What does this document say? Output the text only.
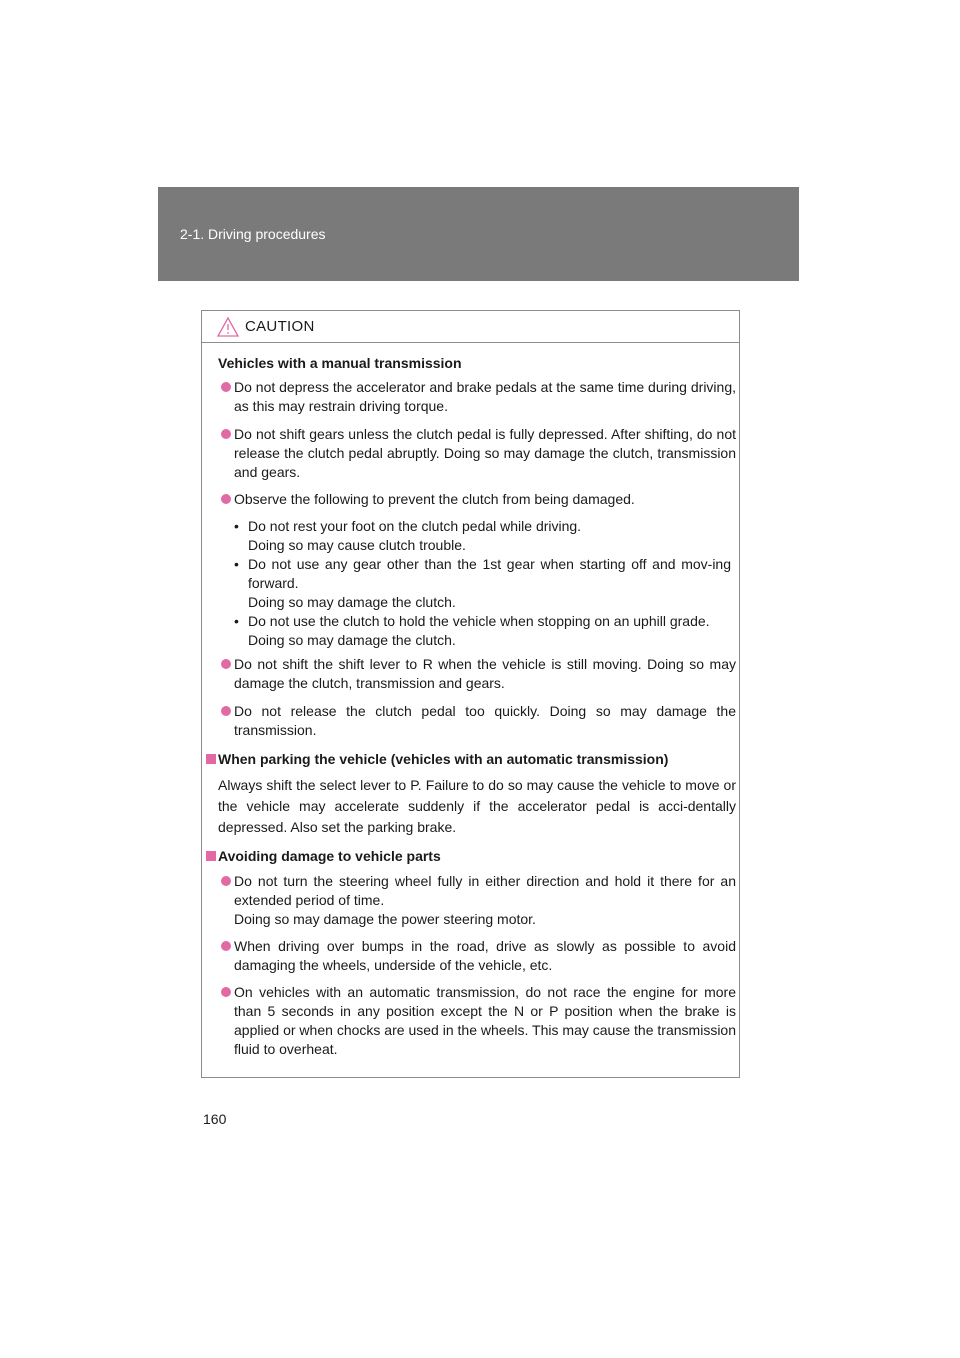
2-1. Driving procedures
CAUTION
Vehicles with a manual transmission
Do not depress the accelerator and brake pedals at the same time during driving, as this may restrain driving torque.
Do not shift gears unless the clutch pedal is fully depressed. After shifting, do not release the clutch pedal abruptly. Doing so may damage the clutch, transmission and gears.
Observe the following to prevent the clutch from being damaged.
• Do not rest your foot on the clutch pedal while driving.
Doing so may cause clutch trouble.
• Do not use any gear other than the 1st gear when starting off and mov-ing forward.
Doing so may damage the clutch.
• Do not use the clutch to hold the vehicle when stopping on an uphill grade.
Doing so may damage the clutch.
Do not shift the shift lever to R when the vehicle is still moving. Doing so may damage the clutch, transmission and gears.
Do not release the clutch pedal too quickly. Doing so may damage the transmission.
When parking the vehicle (vehicles with an automatic transmission)
Always shift the select lever to P. Failure to do so may cause the vehicle to move or the vehicle may accelerate suddenly if the accelerator pedal is acci-dentally depressed. Also set the parking brake.
Avoiding damage to vehicle parts
Do not turn the steering wheel fully in either direction and hold it there for an extended period of time.
Doing so may damage the power steering motor.
When driving over bumps in the road, drive as slowly as possible to avoid damaging the wheels, underside of the vehicle, etc.
On vehicles with an automatic transmission, do not race the engine for more than 5 seconds in any position except the N or P position when the brake is applied or when chocks are used in the wheels. This may cause the transmission fluid to overheat.
160
